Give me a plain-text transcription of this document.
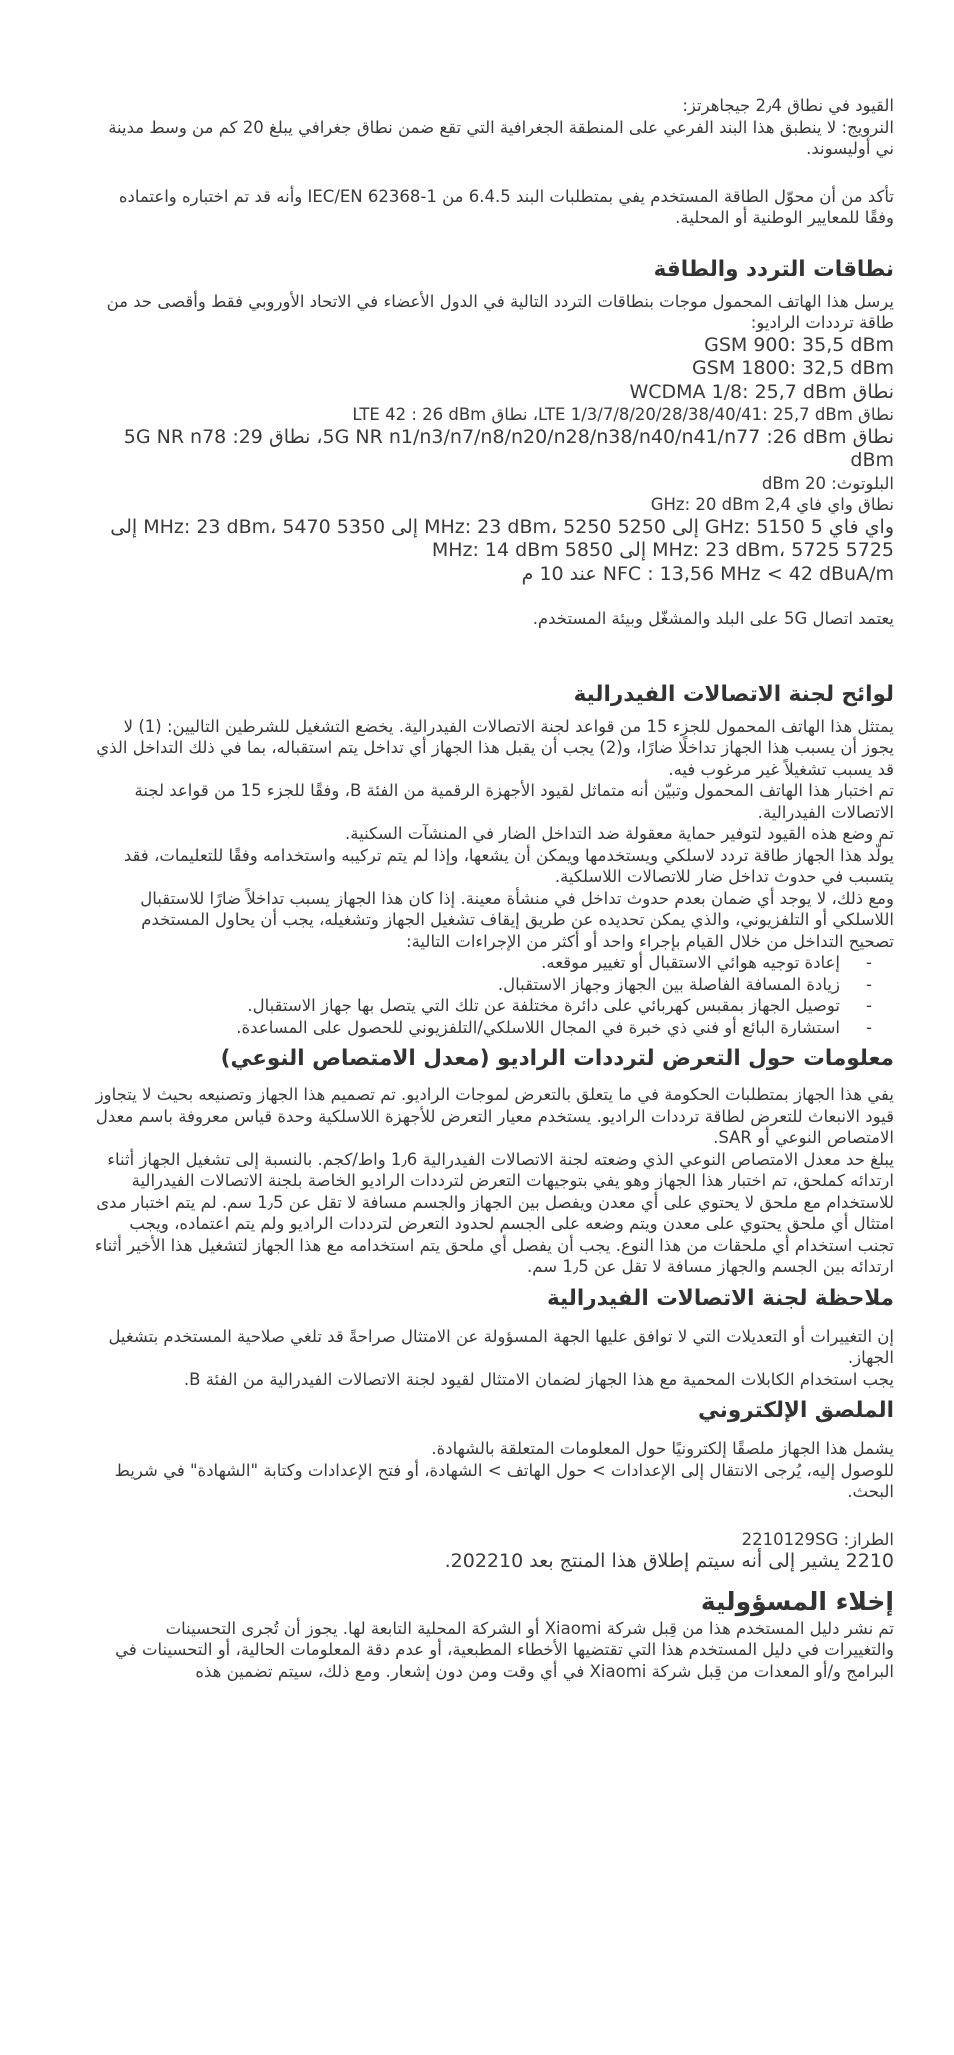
القيود في نطاق 2٫4 جيجاهرتز:

النرويج: لا ينطبق هذا البند الفرعي على المنطقة الجغرافية التي تقع ضمن نطاق جغرافي يبلغ 20 كم من وسط مدينة ني أوليسوند.

تأكد من أن محوّل الطاقة المستخدم يفي بمتطلبات البند 6.4.5 من IEC/EN 62368-1 وأنه قد تم اختباره واعتماده وفقًا للمعايير الوطنية أو المحلية.

نطاقات التردد والطاقة

يرسل هذا الهاتف المحمول موجات بنطاقات التردد التالية في الدول الأعضاء في الاتحاد الأوروبي فقط وأقصى حد من طاقة ترددات الراديو:

GSM 900: 35,5 dBm

GSM 1800: 32,5 dBm

نطاق WCDMA 1/8: 25,7 dBm

نطاق LTE 1/3/7/8/20/28/38/40/41: 25,7 dBm، نطاق LTE 42 : 26 dBm

نطاق 5G NR n1/n3/n7/n8/n20/n28/n38/n40/n41/n77 :26 dBm، نطاق 5G NR n78 :29 dBm

البلوتوث: 20 dBm

نطاق واي فاي 2,4 GHz: 20 dBm

واي فاي 5 GHz: 5150 إلى 5250 MHz: 23 dBm، 5250 إلى 5350 MHz: 23 dBm، 5470 إلى 5725 MHz: 23 dBm، 5725 إلى 5850 MHz: 14 dBm

NFC : 13,56 MHz < 42 dBuA/m عند 10 م

يعتمد اتصال 5G على البلد والمشغّل وبيئة المستخدم.

لوائح لجنة الاتصالات الفيدرالية

يمتثل هذا الهاتف المحمول للجزء 15 من قواعد لجنة الاتصالات الفيدرالية. يخضع التشغيل للشرطين التاليين: (1) لا يجوز أن يسبب هذا الجهاز تداخلًا ضارًا، و(2) يجب أن يقبل هذا الجهاز أي تداخل يتم استقباله، بما في ذلك التداخل الذي قد يسبب تشغيلاً غير مرغوب فيه.

تم اختبار هذا الهاتف المحمول وتبيّن أنه متماثل لقيود الأجهزة الرقمية من الفئة B، وفقًا للجزء 15 من قواعد لجنة الاتصالات الفيدرالية.

تم وضع هذه القيود لتوفير حماية معقولة ضد التداخل الضار في المنشآت السكنية.

يولّد هذا الجهاز طاقة تردد لاسلكي ويستخدمها ويمكن أن يشعها، وإذا لم يتم تركيبه واستخدامه وفقًا للتعليمات، فقد يتسبب في حدوث تداخل ضار للاتصالات اللاسلكية.

ومع ذلك، لا يوجد أي ضمان بعدم حدوث تداخل في منشأة معينة. إذا كان هذا الجهاز يسبب تداخلاً ضارًا للاستقبال اللاسلكي أو التلفزيوني، والذي يمكن تحديده عن طريق إيقاف تشغيل الجهاز وتشغيله، يجب أن يحاول المستخدم تصحيح التداخل من خلال القيام بإجراء واحد أو أكثر من الإجراءات التالية:

- إعادة توجيه هوائي الاستقبال أو تغيير موقعه.
- زيادة المسافة الفاصلة بين الجهاز وجهاز الاستقبال.
- توصيل الجهاز بمقبس كهربائي على دائرة مختلفة عن تلك التي يتصل بها جهاز الاستقبال.
- استشارة البائع أو فني ذي خبرة في المجال اللاسلكي/التلفزيوني للحصول على المساعدة.
معلومات حول التعرض لترددات الراديو (معدل الامتصاص النوعي)

يفي هذا الجهاز بمتطلبات الحكومة في ما يتعلق بالتعرض لموجات الراديو. تم تصميم هذا الجهاز وتصنيعه بحيث لا يتجاوز قيود الانبعاث للتعرض لطاقة ترددات الراديو. يستخدم معيار التعرض للأجهزة اللاسلكية وحدة قياس معروفة باسم معدل الامتصاص النوعي أو SAR.

يبلغ حد معدل الامتصاص النوعي الذي وضعته لجنة الاتصالات الفيدرالية 1٫6 واط/كجم. بالنسبة إلى تشغيل الجهاز أثناء ارتدائه كملحق، تم اختبار هذا الجهاز وهو يفي بتوجيهات التعرض لترددات الراديو الخاصة بلجنة الاتصالات الفيدرالية للاستخدام مع ملحق لا يحتوي على أي معدن ويفصل بين الجهاز والجسم مسافة لا تقل عن 1٫5 سم. لم يتم اختبار مدى امتثال أي ملحق يحتوي على معدن ويتم وضعه على الجسم لحدود التعرض لترددات الراديو ولم يتم اعتماده، ويجب تجنب استخدام أي ملحقات من هذا النوع. يجب أن يفصل أي ملحق يتم استخدامه مع هذا الجهاز لتشغيل هذا الأخير أثناء ارتدائه بين الجسم والجهاز مسافة لا تقل عن 1٫5 سم.

ملاحظة لجنة الاتصالات الفيدرالية

إن التغييرات أو التعديلات التي لا توافق عليها الجهة المسؤولة عن الامتثال صراحةً قد تلغي صلاحية المستخدم بتشغيل الجهاز.

يجب استخدام الكابلات المحمية مع هذا الجهاز لضمان الامتثال لقيود لجنة الاتصالات الفيدرالية من الفئة B.

الملصق الإلكتروني

يشمل هذا الجهاز ملصقًا إلكترونيًا حول المعلومات المتعلقة بالشهادة.

للوصول إليه، يُرجى الانتقال إلى الإعدادات > حول الهاتف > الشهادة، أو فتح الإعدادات وكتابة "الشهادة" في شريط البحث.

الطراز: 2210129SG

2210 يشير إلى أنه سيتم إطلاق هذا المنتج بعد 202210.

إخلاء المسؤولية

تم نشر دليل المستخدم هذا من قِبل شركة Xiaomi أو الشركة المحلية التابعة لها. يجوز أن تُجرى التحسينات والتغييرات في دليل المستخدم هذا التي تقتضيها الأخطاء المطبعية، أو عدم دقة المعلومات الحالية، أو التحسينات في البرامج و/أو المعدات من قِبل شركة Xiaomi في أي وقت ومن دون إشعار. ومع ذلك، سيتم تضمين هذه
